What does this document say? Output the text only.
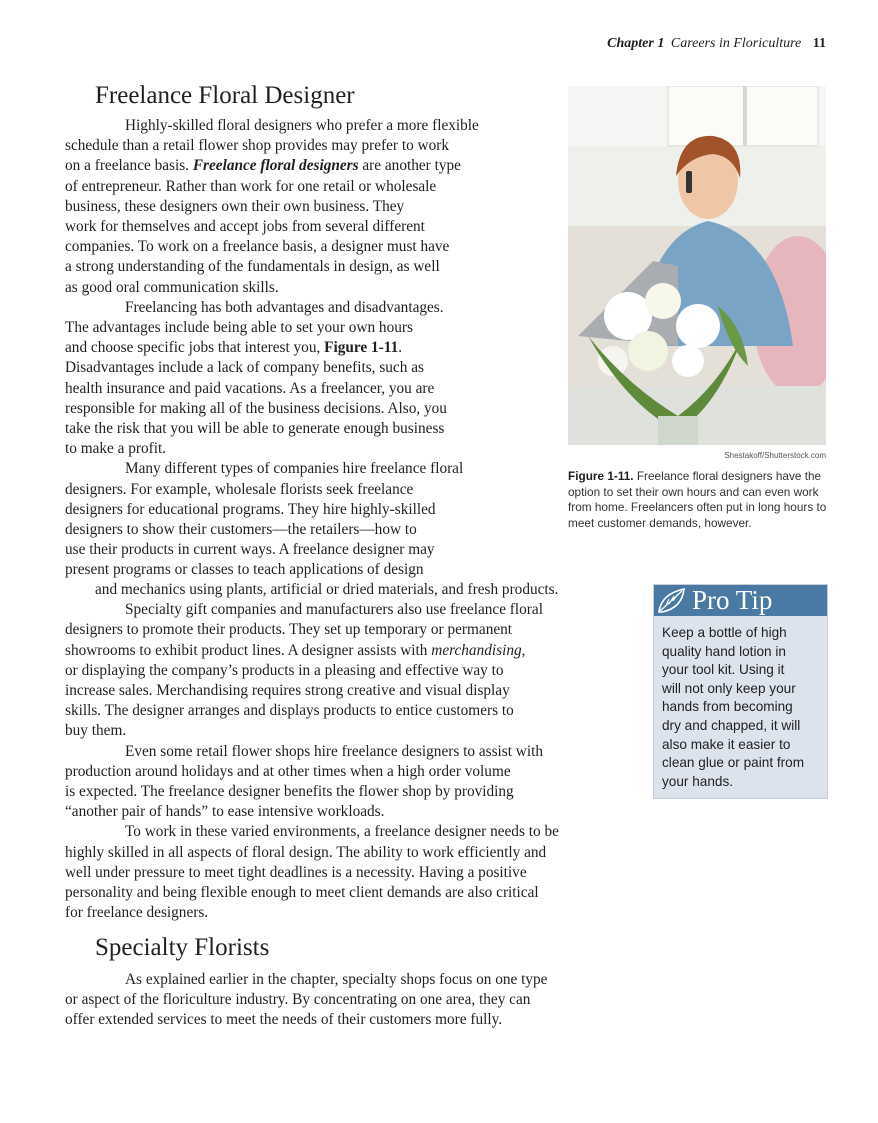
Chapter 1 Careers in Floriculture 11
Freelance Floral Designer

Highly-skilled floral designers who prefer a more flexible
schedule than a retail flower shop provides may prefer to work
on a freelance basis. Freelance floral designers are another type
of entrepreneur. Rather than work for one retail or wholesale
business, these designers own their own business. They
work for themselves and accept jobs from several different
companies. To work on a freelance basis, a designer must have
a strong understanding of the fundamentals in design, as well
as good oral communication skills.

Freelancing has both advantages and disadvantages.
The advantages include being able to set your own hours
and choose specific jobs that interest you, Figure 1-11.
Disadvantages include a lack of company benefits, such as
health insurance and paid vacations. As a freelancer, you are
responsible for making all of the business decisions. Also, you
take the risk that you will be able to generate enough business
to make a profit.

Many different types of companies hire freelance floral
designers. For example, wholesale florists seek freelance
designers for educational programs. They hire highly-skilled
designers to show their customers—the retailers—how to
use their products in current ways. A freelance designer may
present programs or classes to teach applications of design

and mechanics using plants, artificial or dried materials, and fresh products.

Specialty gift companies and manufacturers also use freelance floral
designers to promote their products. They set up temporary or permanent
showrooms to exhibit product lines. A designer assists with merchandising,
or displaying the company’s products in a pleasing and effective way to
increase sales. Merchandising requires strong creative and visual display
skills. The designer arranges and displays products to entice customers to
buy them.

Even some retail flower shops hire freelance designers to assist with
production around holidays and at other times when a high order volume
is expected. The freelance designer benefits the flower shop by providing
“another pair of hands” to ease intensive workloads.

To work in these varied environments, a freelance designer needs to be
highly skilled in all aspects of floral design. The ability to work efficiently and
well under pressure to meet tight deadlines is a necessity. Having a positive
personality and being flexible enough to meet client demands are also critical
for freelance designers.

Specialty Florists

As explained earlier in the chapter, specialty shops focus on one type
or aspect of the floriculture industry. By concentrating on one area, they can
offer extended services to meet the needs of their customers more fully.

Shestakoff/Shutterstock.com
Figure 1-11. Freelance floral designers have the option to set their own hours and can even work from home. Freelancers often put in long hours to meet customer demands, however.
Pro Tip
Keep a bottle of high
quality hand lotion in
your tool kit. Using it
will not only keep your
hands from becoming
dry and chapped, it will
also make it easier to
clean glue or paint from
your hands.
